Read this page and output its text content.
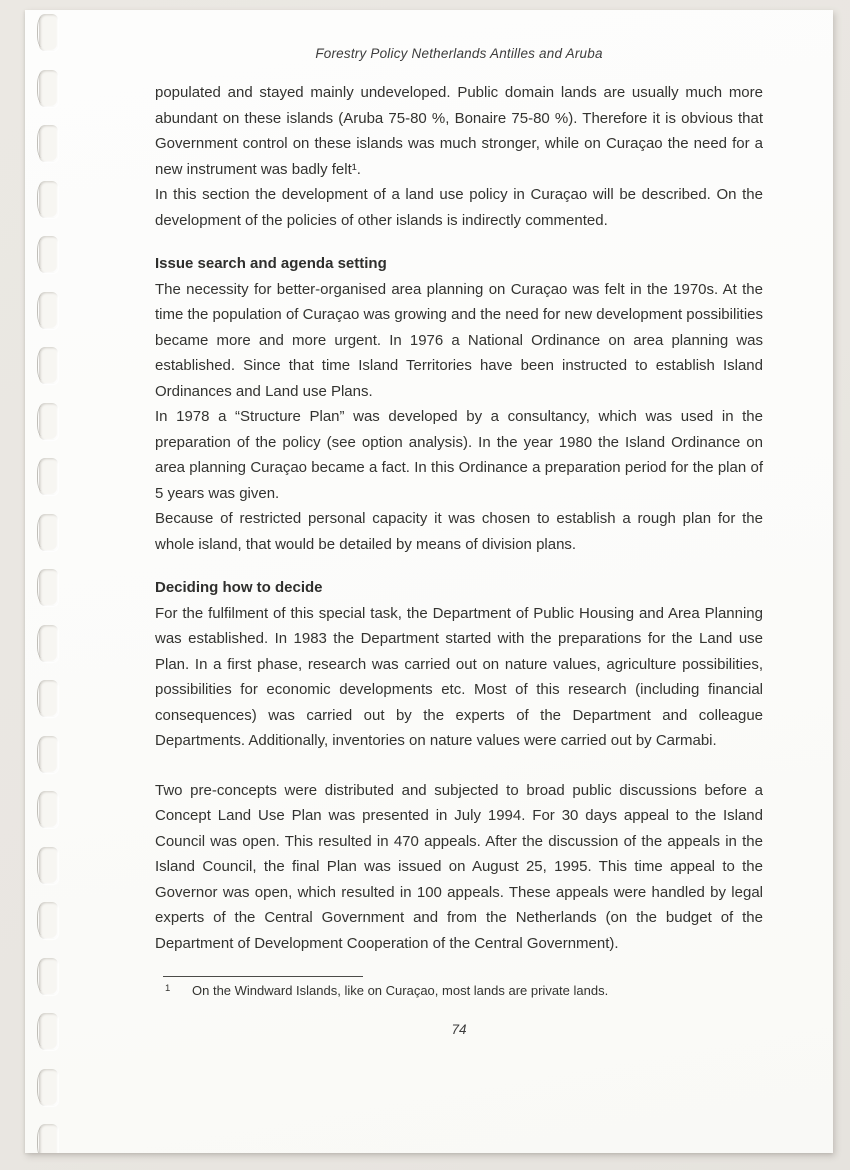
Forestry Policy Netherlands Antilles and Aruba

populated and stayed mainly undeveloped. Public domain lands are usually much more abundant on these islands (Aruba 75-80 %, Bonaire 75-80 %). Therefore it is obvious that Government control on these islands was much stronger, while on Curaçao the need for a new instrument was badly felt¹.

In this section the development of a land use policy in Curaçao will be described. On the development of the policies of other islands is indirectly commented.

Issue search and agenda setting

The necessity for better-organised area planning on Curaçao was felt in the 1970s. At the time the population of Curaçao was growing and the need for new development possibilities became more and more urgent. In 1976 a National Ordinance on area planning was established. Since that time Island Territories have been instructed to establish Island Ordinances and Land use Plans.

In 1978 a “Structure Plan” was developed by a consultancy, which was used in the preparation of the policy (see option analysis). In the year 1980 the Island Ordinance on area planning Curaçao became a fact. In this Ordinance a preparation period for the plan of 5 years was given.

Because of restricted personal capacity it was chosen to establish a rough plan for the whole island, that would be detailed by means of division plans.

Deciding how to decide

For the fulfilment of this special task, the Department of Public Housing and Area Planning was established. In 1983 the Department started with the preparations for the Land use Plan. In a first phase, research was carried out on nature values, agriculture possibilities, possibilities for economic developments etc. Most of this research (including financial consequences) was carried out by the experts of the Department and colleague Departments. Additionally, inventories on nature values were carried out by Carmabi.

Two pre-concepts were distributed and subjected to broad public discussions before a Concept Land Use Plan was presented in July 1994. For 30 days appeal to the Island Council was open. This resulted in 470 appeals. After the discussion of the appeals in the Island Council, the final Plan was issued on August 25, 1995. This time appeal to the Governor was open, which resulted in 100 appeals. These appeals were handled by legal experts of the Central Government and from the Netherlands (on the budget of the Department of Development Cooperation of the Central Government).

1 On the Windward Islands, like on Curaçao, most lands are private lands.
74
